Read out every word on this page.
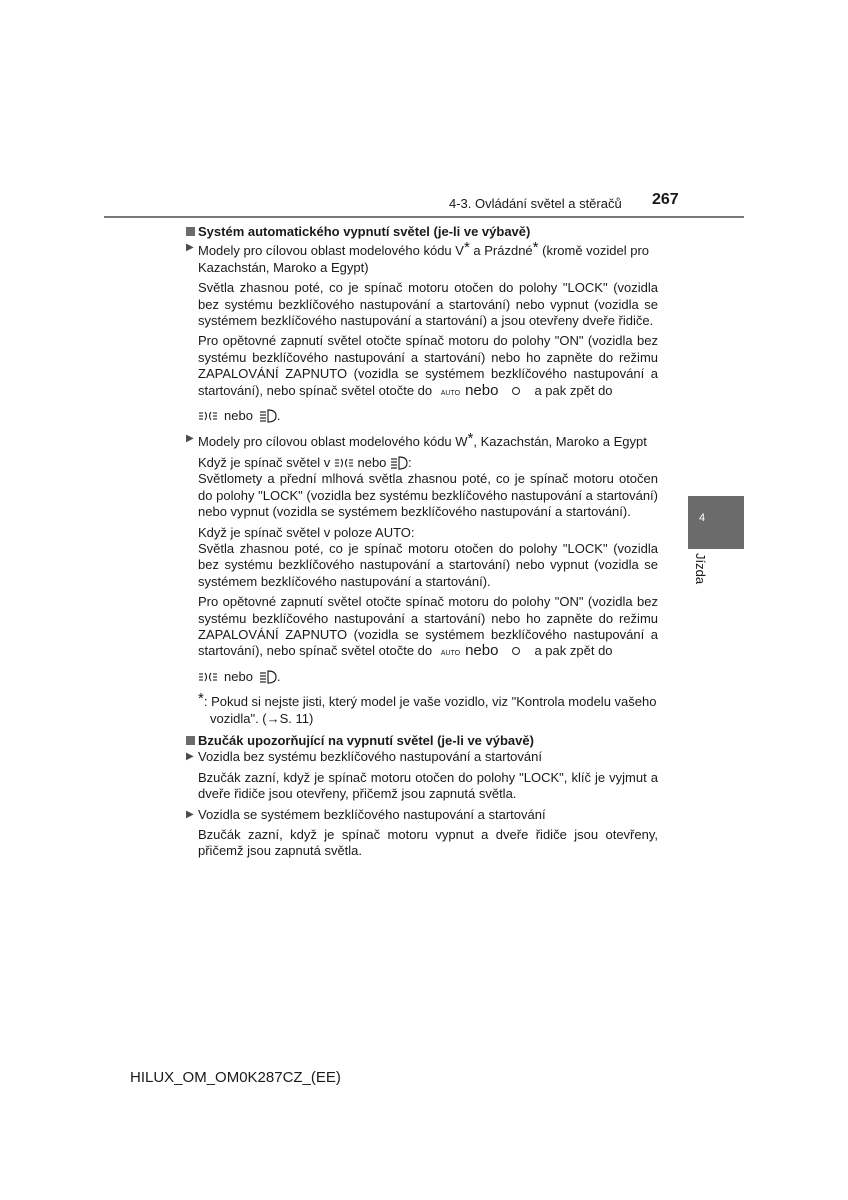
4-3. Ovládání světel a stěračů 267
4
Jízda

Systém automatického vypnutí světel (je-li ve výbavě)

▶ Modely pro cílovou oblast modelového kódu V* a Prázdné* (kromě vozidel pro Kazachstán, Maroko a Egypt)

Světla zhasnou poté, co je spínač motoru otočen do polohy "LOCK" (vozidla bez systému bezklíčového nastupování a startování) nebo vypnut (vozidla se systémem bezklíčového nastupování a startování) a jsou otevřeny dveře řidiče.

Pro opětovné zapnutí světel otočte spínač motoru do polohy "ON" (vozidla bez systému bezklíčového nastupování a startování) nebo ho zapněte do režimu ZAPALOVÁNÍ ZAPNUTO (vozidla se systémem bezklíčového nastupování a startování), nebo spínač světel otočte do AUTO nebo	a pak zpět do

nebo .

▶ Modely pro cílovou oblast modelového kódu W*, Kazachstán, Maroko a Egypt

Když je spínač světel v nebo :

Světlomety a přední mlhová světla zhasnou poté, co je spínač motoru otočen do polohy "LOCK" (vozidla bez systému bezklíčového nastupování a startování) nebo vypnut (vozidla se systémem bezklíčového nastupování a startování).

Když je spínač světel v poloze AUTO:

Světla zhasnou poté, co je spínač motoru otočen do polohy "LOCK" (vozidla bez systému bezklíčového nastupování a startování) nebo vypnut (vozidla se systémem bezklíčového nastupování a startování).

Pro opětovné zapnutí světel otočte spínač motoru do polohy "ON" (vozidla bez systému bezklíčového nastupování a startování) nebo ho zapněte do režimu ZAPALOVÁNÍ ZAPNUTO (vozidla se systémem bezklíčového nastupování a startování), nebo spínač světel otočte do AUTO nebo	a pak zpět do

nebo .

*: Pokud si nejste jisti, který model je vaše vozidlo, viz "Kontrola modelu vašeho vozidla". (→S. 11)

Bzučák upozorňující na vypnutí světel (je-li ve výbavě)

▶ Vozidla bez systému bezklíčového nastupování a startování

Bzučák zazní, když je spínač motoru otočen do polohy "LOCK", klíč je vyjmut a dveře řidiče jsou otevřeny, přičemž jsou zapnutá světla.

▶ Vozidla se systémem bezklíčového nastupování a startování

Bzučák zazní, když je spínač motoru vypnut a dveře řidiče jsou otevřeny, přičemž jsou zapnutá světla.

HILUX_OM_OM0K287CZ_(EE)
